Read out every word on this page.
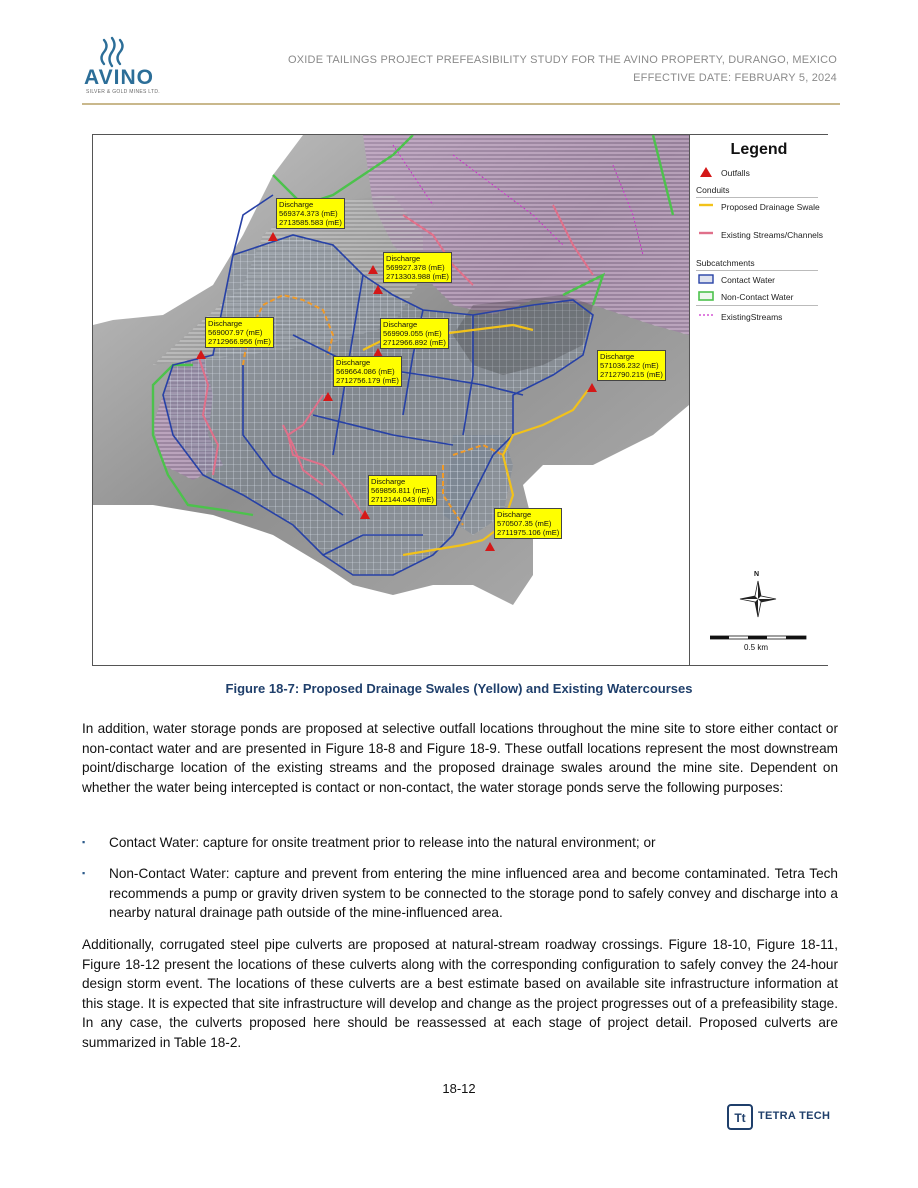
AVINO
SILVER & GOLD MINES LTD.
OXIDE TAILINGS PROJECT PREFEASIBILITY STUDY FOR THE AVINO PROPERTY, DURANGO, MEXICO
EFFECTIVE DATE: FEBRUARY 5, 2024
Discharge
569374.373 (mE)
2713585.583 (mE)
Discharge
569927.378 (mE)
2713303.988 (mE)
Discharge
569007.97 (mE)
2712966.956 (mE)
Discharge
569909.055 (mE)
2712966.892 (mE)
Discharge
569664.086 (mE)
2712756.179 (mE)
Discharge
571036.232 (mE)
2712790.215 (mE)
Discharge
569856.811 (mE)
2712144.043 (mE)
Discharge
570507.35 (mE)
2711975.106 (mE)
Legend
Outfalls
Conduits
Proposed Drainage Swale
Existing Streams/Channels
Subcatchments
Contact Water
Non-Contact Water
ExistingStreams
N
0.5 km
Figure 18-7: Proposed Drainage Swales (Yellow) and Existing Watercourses

In addition, water storage ponds are proposed at selective outfall locations throughout the mine site to store either contact or non-contact water and are presented in Figure 18-8 and Figure 18-9. These outfall locations represent the most downstream point/discharge location of the existing streams and the proposed drainage swales around the mine site. Dependent on whether the water being intercepted is contact or non-contact, the water storage ponds serve the following purposes:

▪ Contact Water: capture for onsite treatment prior to release into the natural environment; or
▪ Non-Contact Water: capture and prevent from entering the mine influenced area and become contaminated. Tetra Tech recommends a pump or gravity driven system to be connected to the storage pond to safely convey and discharge into a nearby natural drainage path outside of the mine-influenced area.

Additionally, corrugated steel pipe culverts are proposed at natural-stream roadway crossings. Figure 18-10, Figure 18-11, Figure 18-12 present the locations of these culverts along with the corresponding configuration to safely convey the 24-hour design storm event. The locations of these culverts are a best estimate based on available site infrastructure information at this stage. It is expected that site infrastructure will develop and change as the project progresses out of a prefeasibility stage. In any case, the culverts proposed here should be reassessed at each stage of project detail. Proposed culverts are summarized in Table 18-2.

18-12
Tt TETRA TECH
